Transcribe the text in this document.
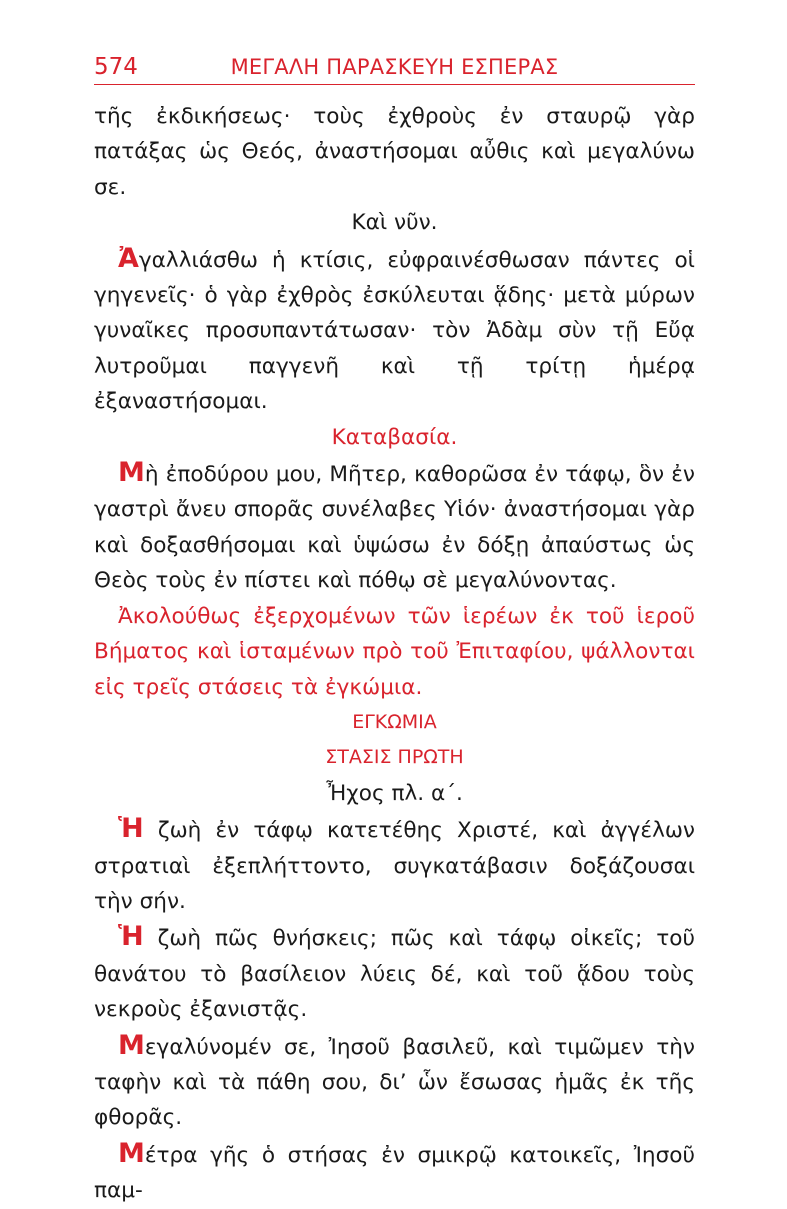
574	ΜΕΓΑΛΗ ΠΑΡΑΣΚΕΥΗ ΕΣΠΕΡΑΣ

τῆς ἐκδικήσεως· τοὺς ἐχθροὺς ἐν σταυρῷ γὰρ πατάξας ὡς Θεός, ἀναστήσομαι αὖθις καὶ μεγαλύνω σε.

Καὶ νῦν.

Ἀγαλλιάσθω ἡ κτίσις, εὐφραινέσθωσαν πάντες οἱ γηγενεῖς· ὁ γὰρ ἐχθρὸς ἐσκύλευται ᾅδης· μετὰ μύρων γυναῖκες προσυπαντάτωσαν· τὸν Ἀδὰμ σὺν τῇ Εὔᾳ λυτροῦμαι παγγενῆ καὶ τῇ τρίτῃ ἡμέρᾳ ἐξαναστήσομαι.

Καταβασία.

Μὴ ἐποδύρου μου, Μῆτερ, καθορῶσα ἐν τάφῳ, ὃν ἐν γαστρὶ ἄνευ σπορᾶς συνέλαβες Υἱόν· ἀναστήσομαι γὰρ καὶ δοξασθήσομαι καὶ ὑψώσω ἐν δόξῃ ἀπαύστως ὡς Θεὸς τοὺς ἐν πίστει καὶ πόθῳ σὲ μεγαλύνοντας.

Ἀκολούθως ἐξερχομένων τῶν ἱερέων ἐκ τοῦ ἱεροῦ Βήματος καὶ ἱσταμένων πρὸ τοῦ Ἐπιταφίου, ψάλλονται εἰς τρεῖς στάσεις τὰ ἐγκώμια.

ΕΓΚΩΜΙΑ

ΣΤΑΣΙΣ ΠΡΩΤΗ

Ἦχος πλ. α΄.

Ἡ ζωὴ ἐν τάφῳ κατετέθης Χριστέ, καὶ ἀγγέλων στρατιαὶ ἐξεπλήττοντο, συγκατάβασιν δοξάζουσαι τὴν σήν.

Ἡ ζωὴ πῶς θνήσκεις; πῶς καὶ τάφῳ οἰκεῖς; τοῦ θανάτου τὸ βασίλειον λύεις δέ, καὶ τοῦ ᾅδου τοὺς νεκροὺς ἐξανιστᾷς.

Μεγαλύνομέν σε, Ἰησοῦ βασιλεῦ, καὶ τιμῶμεν τὴν ταφὴν καὶ τὰ πάθη σου, δι’ ὧν ἔσωσας ἡμᾶς ἐκ τῆς φθορᾶς.

Μέτρα γῆς ὁ στήσας ἐν σμικρῷ κατοικεῖς, Ἰησοῦ παμ-
